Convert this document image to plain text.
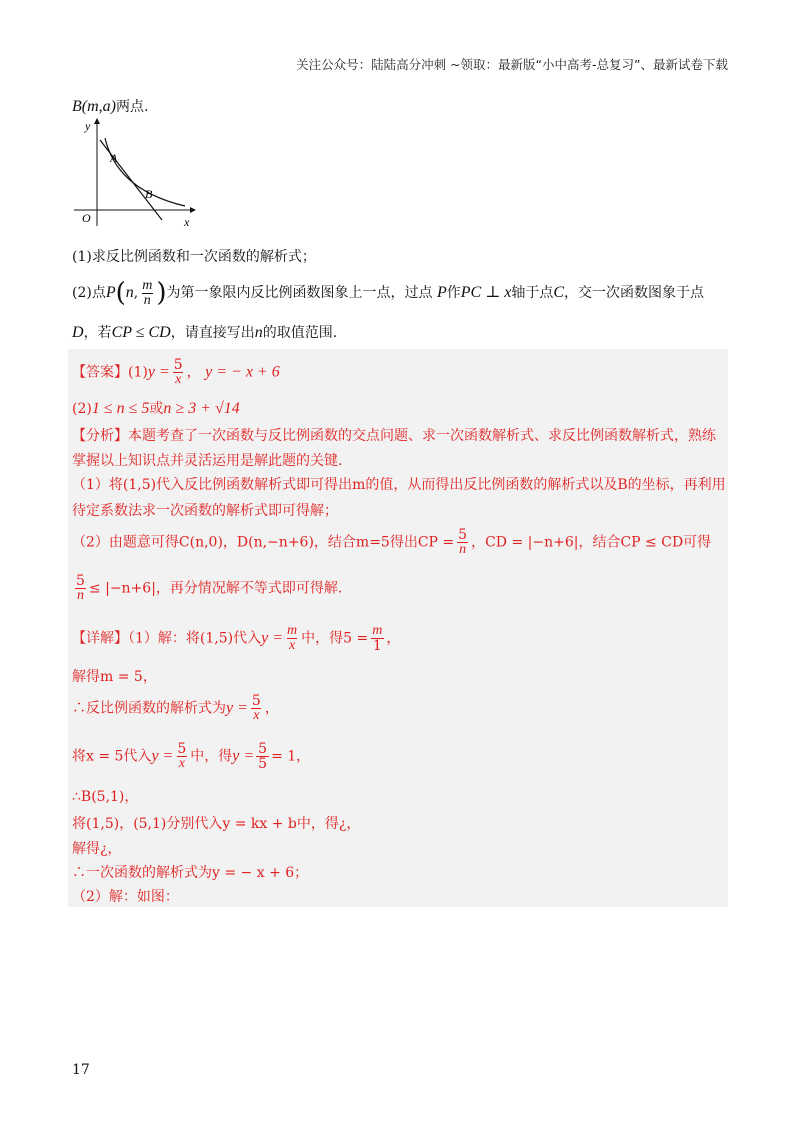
关注公众号：陆陆高分冲刺 ~领取：最新版“小中高考-总复习”、最新试卷下载
B(m,a)两点.
y
x
O
A
B
(1)求反比例函数和一次函数的解析式；
(2)点P(n, $\frac{m}{n}$ )为第一象限内反比例函数图象上一点，过点 P作PC ⊥ x轴于点C，交一次函数图象于点
D，若CP ≤ CD，请直接写出n的取值范围.
【答案】$(1)y = \frac{5}{x}$ ， y = − x + 6
(2)1 ≤ n ≤ 5或n ≥ 3 + √14
【分析】本题考查了一次函数与反比例函数的交点问题、求一次函数解析式、求反比例函数解析式，熟练
掌握以上知识点并灵活运用是解此题的关键.
（1）将(1,5)代入反比例函数解析式即可得出m的值，从而得出反比例函数的解析式以及B的坐标，再利用
待定系数法求一次函数的解析式即可得解；
（2）由题意可得C(n,0)，D(n,−n+6)，结合m=5得出CP = $\frac{5}{n}$ ，CD = |−n+6|，结合CP ≤ CD可得
$\frac{5}{n} \le |-n+6|$，再分情况解不等式即可得解.
【详解】（1）解：将(1,5)代入$y = \frac{m}{x}$ 中，得$5 = \frac{m}{1}$ ，
解得m = 5，
∴反比例函数的解析式为$y = \frac{5}{x}$ ，
将x = 5代入$y = \frac{5}{x}$ 中，得$y = \frac{5}{5} = 1$，
∴B(5,1)，
将(1,5)，(5,1)分别代入y = kx + b中，得¿，
解得¿，
∴一次函数的解析式为y = − x + 6；
（2）解：如图：
17
